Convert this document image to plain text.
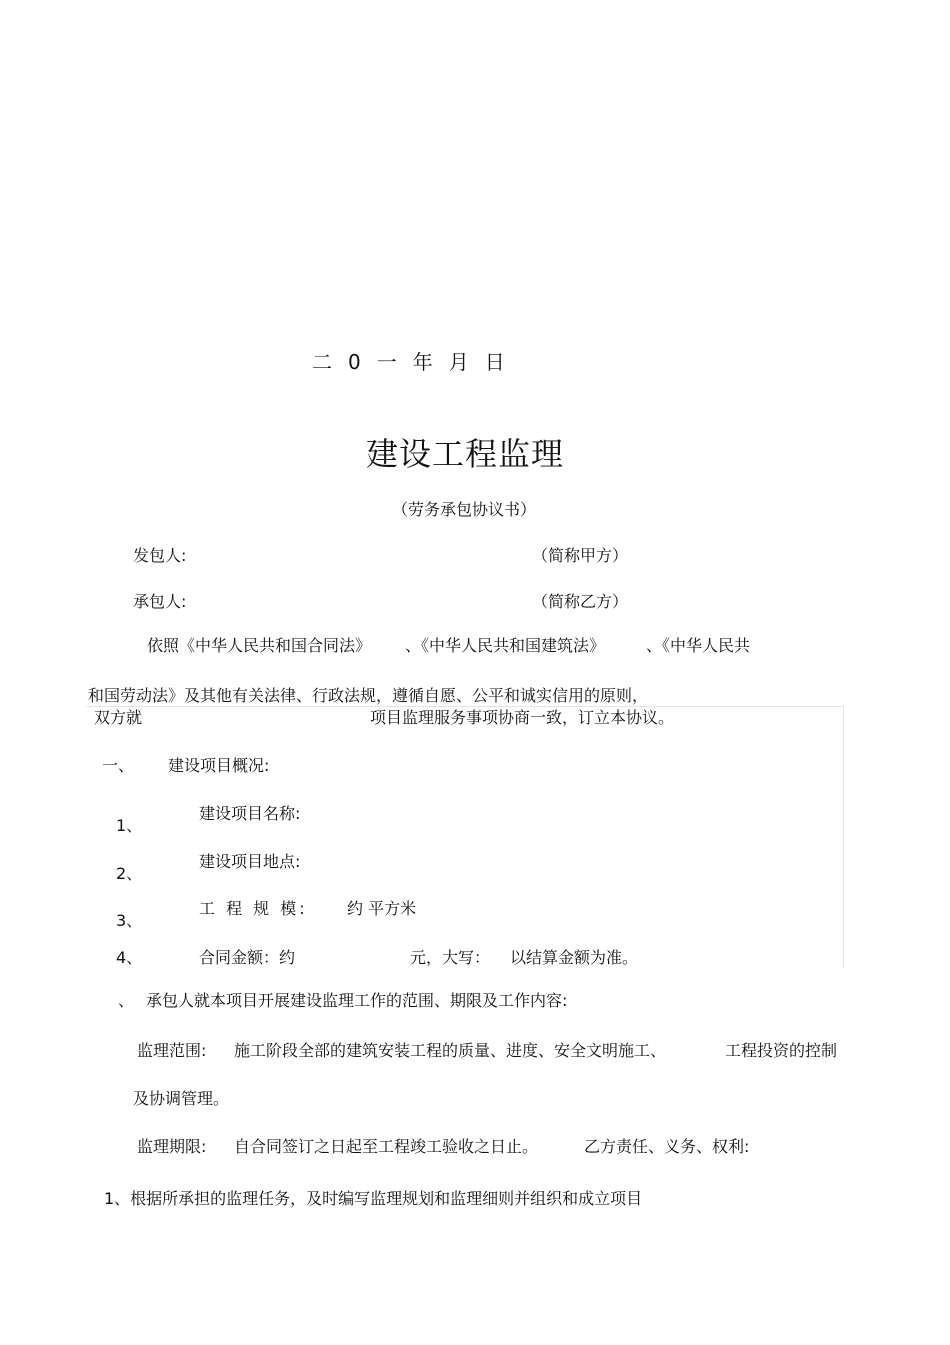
二 0 一 年 月 日
建设工程监理
（劳务承包协议书）
发包人:	（简称甲方）
承包人:	（简称乙方）
依照《中华人民共和国合同法》 、《中华人民共和国建筑法》	、《中华人民共
和国劳动法》及其他有关法律、行政法规，遵循自愿、公平和诚实信用的原则，
双方就	项目监理服务事项协商一致，订立本协议。
一、 建设项目概况:
1、
建设项目名称:
2、
建设项目地点:
3、
工 程 规 模: 约 平方米
4、	合同金额：约	元，大写： 以结算金额为准。
、 承包人就本项目开展建设监理工作的范围、期限及工作内容:
监理范围: 施工阶段全部的建筑安装工程的质量、进度、安全文明施工、	工程投资的控制
及协调管理。
监理期限: 自合同签订之日起至工程竣工验收之日止。	乙方责任、义务、权利:
1、根据所承担的监理任务，及时编写监理规划和监理细则并组织和成立项目
